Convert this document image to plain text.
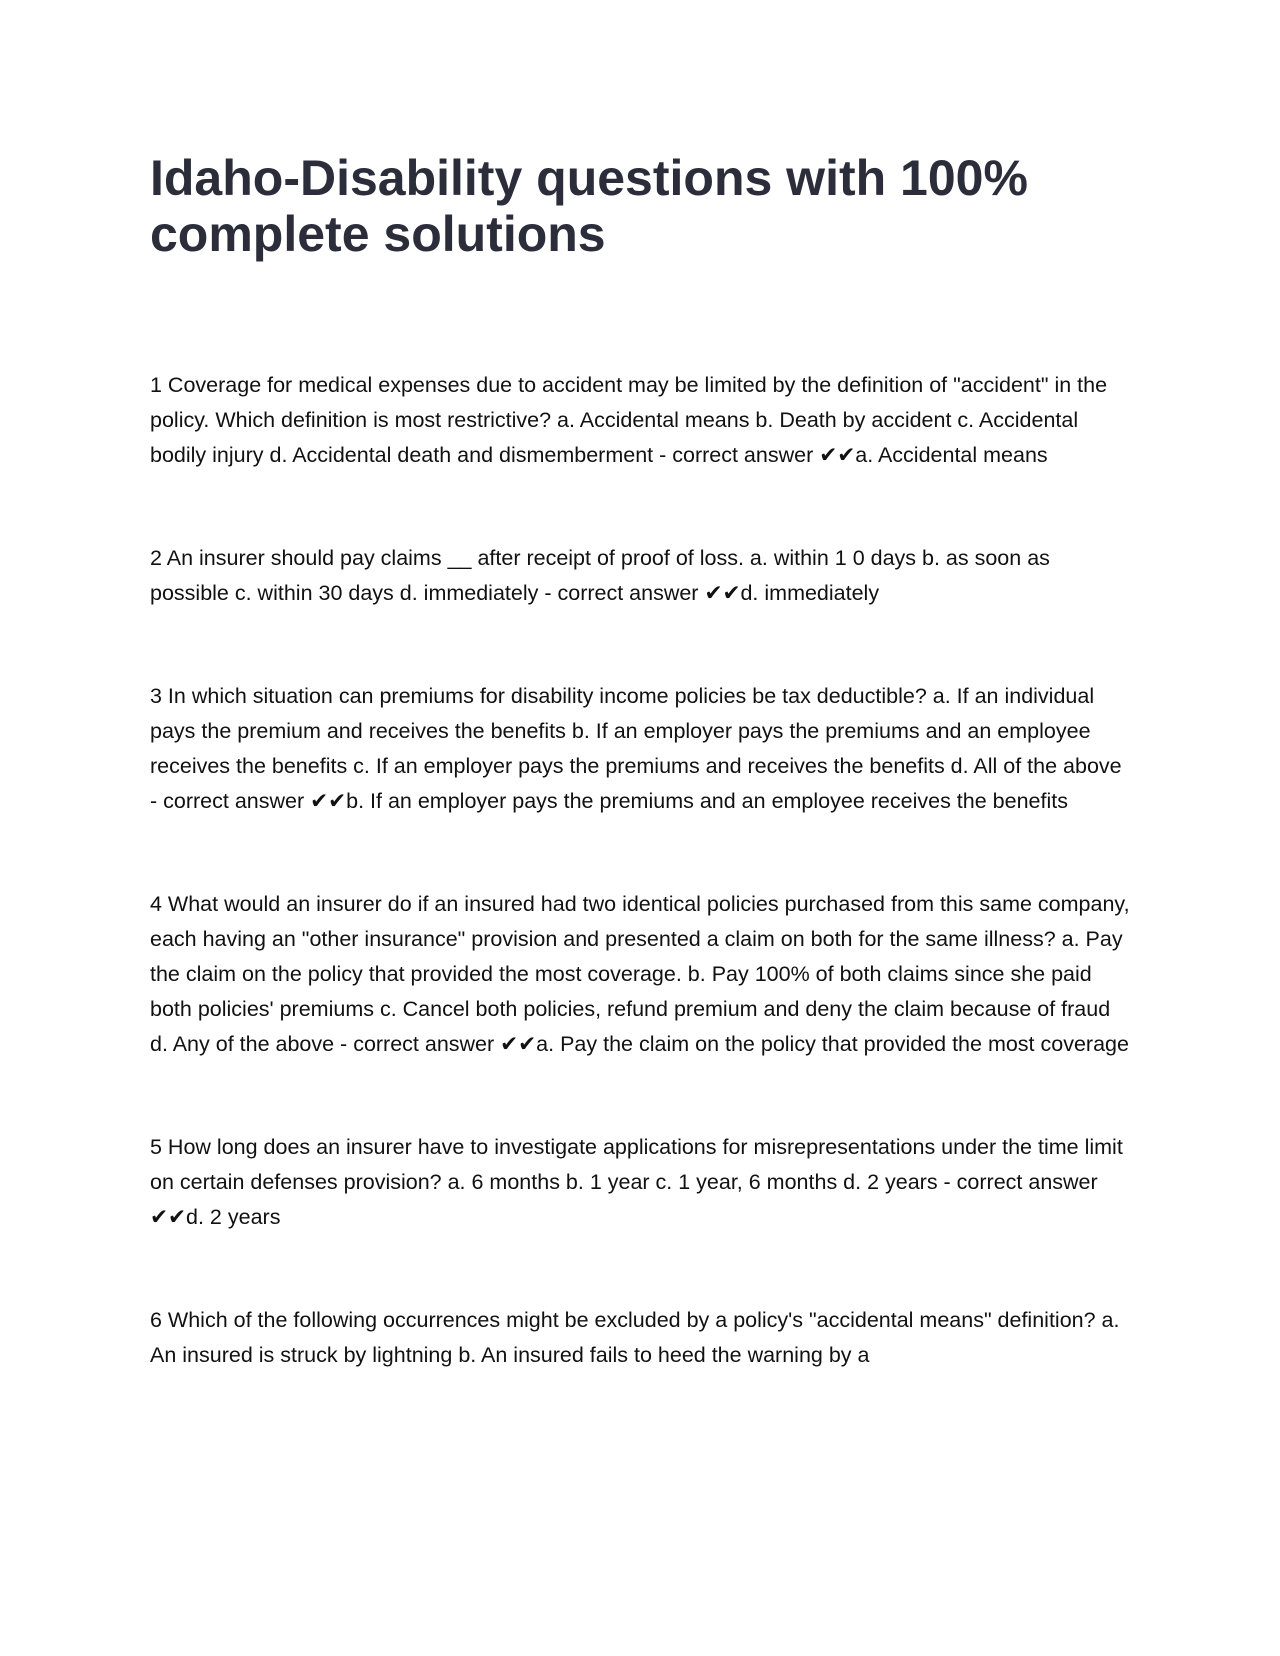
Idaho-Disability questions with 100% complete solutions

1 Coverage for medical expenses due to accident may be limited by the definition of "accident" in the policy. Which definition is most restrictive? a. Accidental means b. Death by accident c. Accidental bodily injury d. Accidental death and dismemberment - correct answer ✔✔a. Accidental means

2 An insurer should pay claims __ after receipt of proof of loss. a. within 1 0 days b. as soon as possible c. within 30 days d. immediately - correct answer ✔✔d. immediately

3 In which situation can premiums for disability income policies be tax deductible? a. If an individual pays the premium and receives the benefits b. If an employer pays the premiums and an employee receives the benefits c. If an employer pays the premiums and receives the benefits d. All of the above - correct answer ✔✔b. If an employer pays the premiums and an employee receives the benefits

4 What would an insurer do if an insured had two identical policies purchased from this same company, each having an "other insurance" provision and presented a claim on both for the same illness? a. Pay the claim on the policy that provided the most coverage. b. Pay 100% of both claims since she paid both policies' premiums c. Cancel both policies, refund premium and deny the claim because of fraud d. Any of the above - correct answer ✔✔a. Pay the claim on the policy that provided the most coverage

5 How long does an insurer have to investigate applications for misrepresentations under the time limit on certain defenses provision? a. 6 months b. 1 year c. 1 year, 6 months d. 2 years - correct answer ✔✔d. 2 years

6 Which of the following occurrences might be excluded by a policy's "accidental means" definition? a. An insured is struck by lightning b. An insured fails to heed the warning by a
